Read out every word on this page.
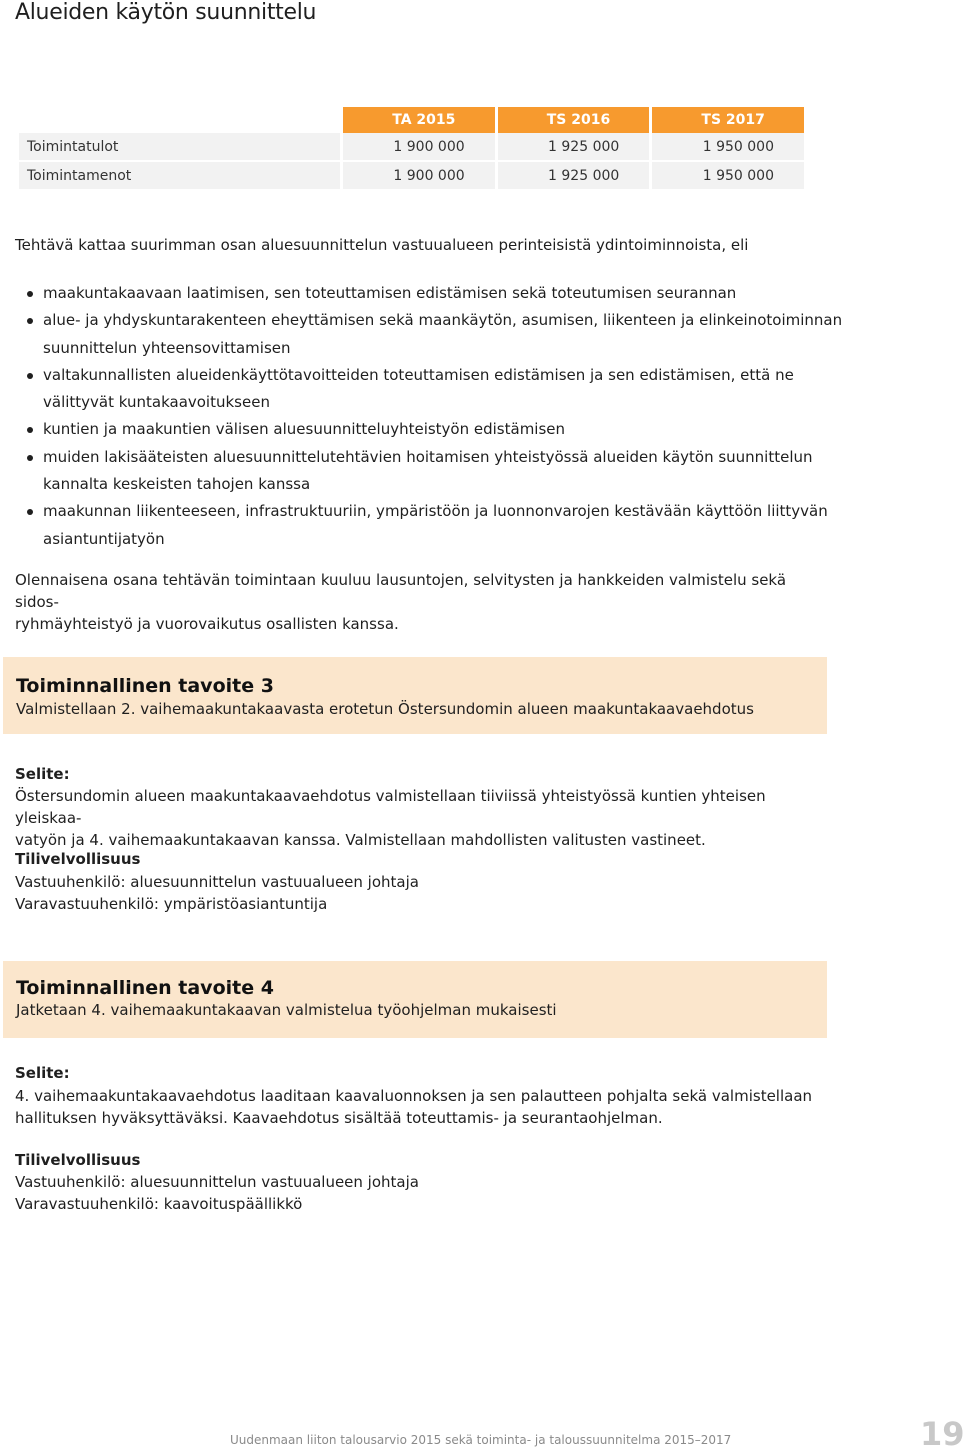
Alueiden käytön suunnittelu
	TA 2015	TS 2016	TS 2017
Toimintatulot	1 900 000	1 925 000	1 950 000
Toimintamenot	1 900 000	1 925 000	1 950 000
Tehtävä kattaa suurimman osan aluesuunnittelun vastuualueen perinteisistä ydintoiminnoista, eli
maakuntakaavaan laatimisen, sen toteuttamisen edistämisen sekä toteutumisen seurannan
alue- ja yhdyskuntarakenteen eheyttämisen sekä maankäytön, asumisen, liikenteen ja elinkeinotoiminnan
suunnittelun yhteensovittamisen
valtakunnallisten alueidenkäyttötavoitteiden toteuttamisen edistämisen ja sen edistämisen, että ne
välittyvät kuntakaavoitukseen
kuntien ja maakuntien välisen aluesuunnitteluyhteistyön edistämisen
muiden lakisääteisten aluesuunnittelutehtävien hoitamisen yhteistyössä alueiden käytön suunnittelun
kannalta keskeisten tahojen kanssa
maakunnan liikenteeseen, infrastruktuuriin, ympäristöön ja luonnonvarojen kestävään käyttöön liittyvän
asiantuntijatyön
Olennaisena osana tehtävän toimintaan kuuluu lausuntojen, selvitysten ja hankkeiden valmistelu sekä sidos-
ryhmäyhteistyö ja vuorovaikutus osallisten kanssa.
Toiminnallinen tavoite 3
Valmistellaan 2. vaihemaakuntakaavasta erotetun Östersundomin alueen maakuntakaavaehdotus
Selite:
Östersundomin alueen maakuntakaavaehdotus valmistellaan tiiviissä yhteistyössä kuntien yhteisen yleiskaa-
vatyön ja 4. vaihemaakuntakaavan kanssa. Valmistellaan mahdollisten valitusten vastineet.
Tilivelvollisuus
Vastuuhenkilö: aluesuunnittelun vastuualueen johtaja
Varavastuuhenkilö: ympäristöasiantuntija
Toiminnallinen tavoite 4
Jatketaan 4. vaihemaakuntakaavan valmistelua työohjelman mukaisesti
Selite:
4. vaihemaakuntakaavaehdotus laaditaan kaavaluonnoksen ja sen palautteen pohjalta sekä valmistellaan
hallituksen hyväksyttäväksi. Kaavaehdotus sisältää toteuttamis- ja seurantaohjelman.
Tilivelvollisuus
Vastuuhenkilö: aluesuunnittelun vastuualueen johtaja
Varavastuuhenkilö: kaavoituspäällikkö
Uudenmaan liiton talousarvio 2015 sekä toiminta- ja taloussuunnitelma 2015–2017	19
